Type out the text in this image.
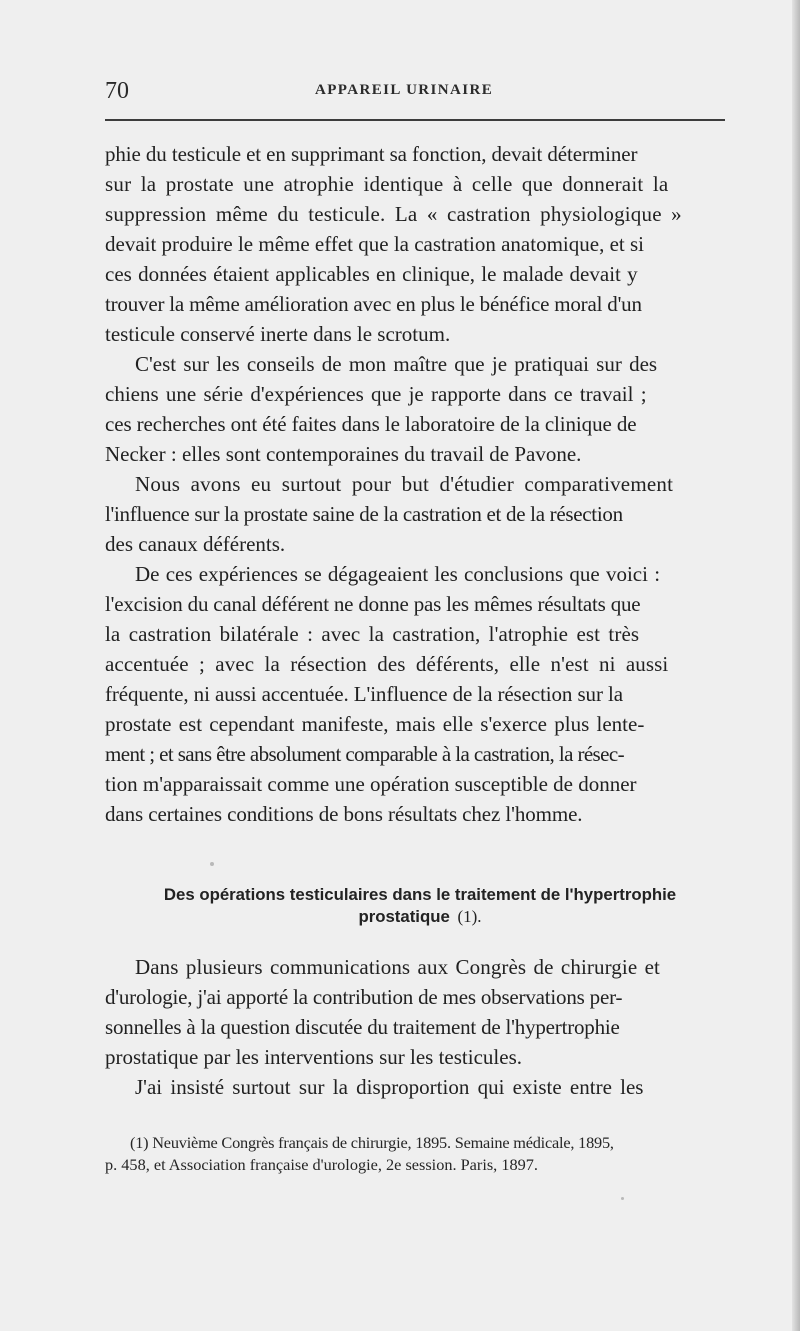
70	APPAREIL URINAIRE
phie du testicule et en supprimant sa fonction, devait déterminer
sur la prostate une atrophie identique à celle que donnerait la
suppression même du testicule. La « castration physiologique »
devait produire le même effet que la castration anatomique, et si
ces données étaient applicables en clinique, le malade devait y
trouver la même amélioration avec en plus le bénéfice moral d'un
testicule conservé inerte dans le scrotum.
C'est sur les conseils de mon maître que je pratiquai sur des
chiens une série d'expériences que je rapporte dans ce travail ;
ces recherches ont été faites dans le laboratoire de la clinique de
Necker : elles sont contemporaines du travail de Pavone.
Nous avons eu surtout pour but d'étudier comparativement
l'influence sur la prostate saine de la castration et de la résection
des canaux déférents.
De ces expériences se dégageaient les conclusions que voici :
l'excision du canal déférent ne donne pas les mêmes résultats que
la castration bilatérale : avec la castration, l'atrophie est très
accentuée ; avec la résection des déférents, elle n'est ni aussi
fréquente, ni aussi accentuée. L'influence de la résection sur la
prostate est cependant manifeste, mais elle s'exerce plus lente-
ment ; et sans être absolument comparable à la castration, la résec-
tion m'apparaissait comme une opération susceptible de donner
dans certaines conditions de bons résultats chez l'homme.
Des opérations testiculaires dans le traitement de l'hypertrophie
prostatique (1).
Dans plusieurs communications aux Congrès de chirurgie et
d'urologie, j'ai apporté la contribution de mes observations per-
sonnelles à la question discutée du traitement de l'hypertrophie
prostatique par les interventions sur les testicules.
J'ai insisté surtout sur la disproportion qui existe entre les
(1) Neuvième Congrès français de chirurgie, 1895. Semaine médicale, 1895,
p. 458, et Association française d'urologie, 2e session. Paris, 1897.
